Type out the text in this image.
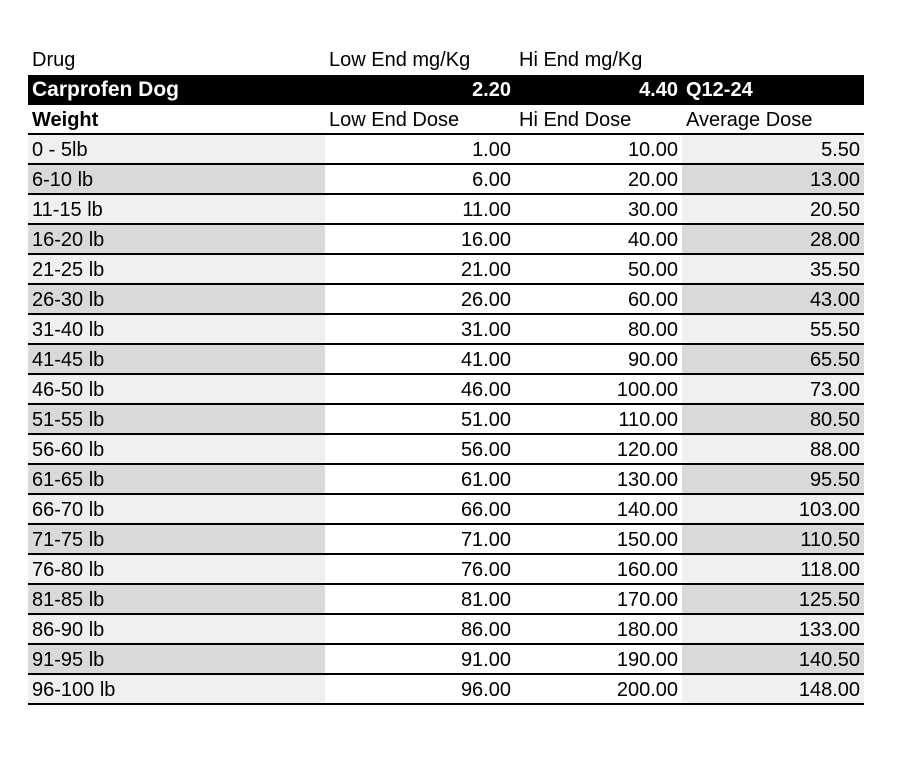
Drug	Low End mg/Kg	Hi End mg/Kg
Carprofen Dog	2.20	4.40 Q12-24
Weight	Low End Dose	Hi End Dose	Average Dose
0 - 5lb	1.00	10.00	5.50
6-10 lb	6.00	20.00	13.00
11-15 lb	11.00	30.00	20.50
16-20 lb	16.00	40.00	28.00
21-25 lb	21.00	50.00	35.50
26-30 lb	26.00	60.00	43.00
31-40 lb	31.00	80.00	55.50
41-45 lb	41.00	90.00	65.50
46-50 lb	46.00	100.00	73.00
51-55 lb	51.00	110.00	80.50
56-60 lb	56.00	120.00	88.00
61-65 lb	61.00	130.00	95.50
66-70 lb	66.00	140.00	103.00
71-75 lb	71.00	150.00	110.50
76-80 lb	76.00	160.00	118.00
81-85 lb	81.00	170.00	125.50
86-90 lb	86.00	180.00	133.00
91-95 lb	91.00	190.00	140.50
96-100 lb	96.00	200.00	148.00
